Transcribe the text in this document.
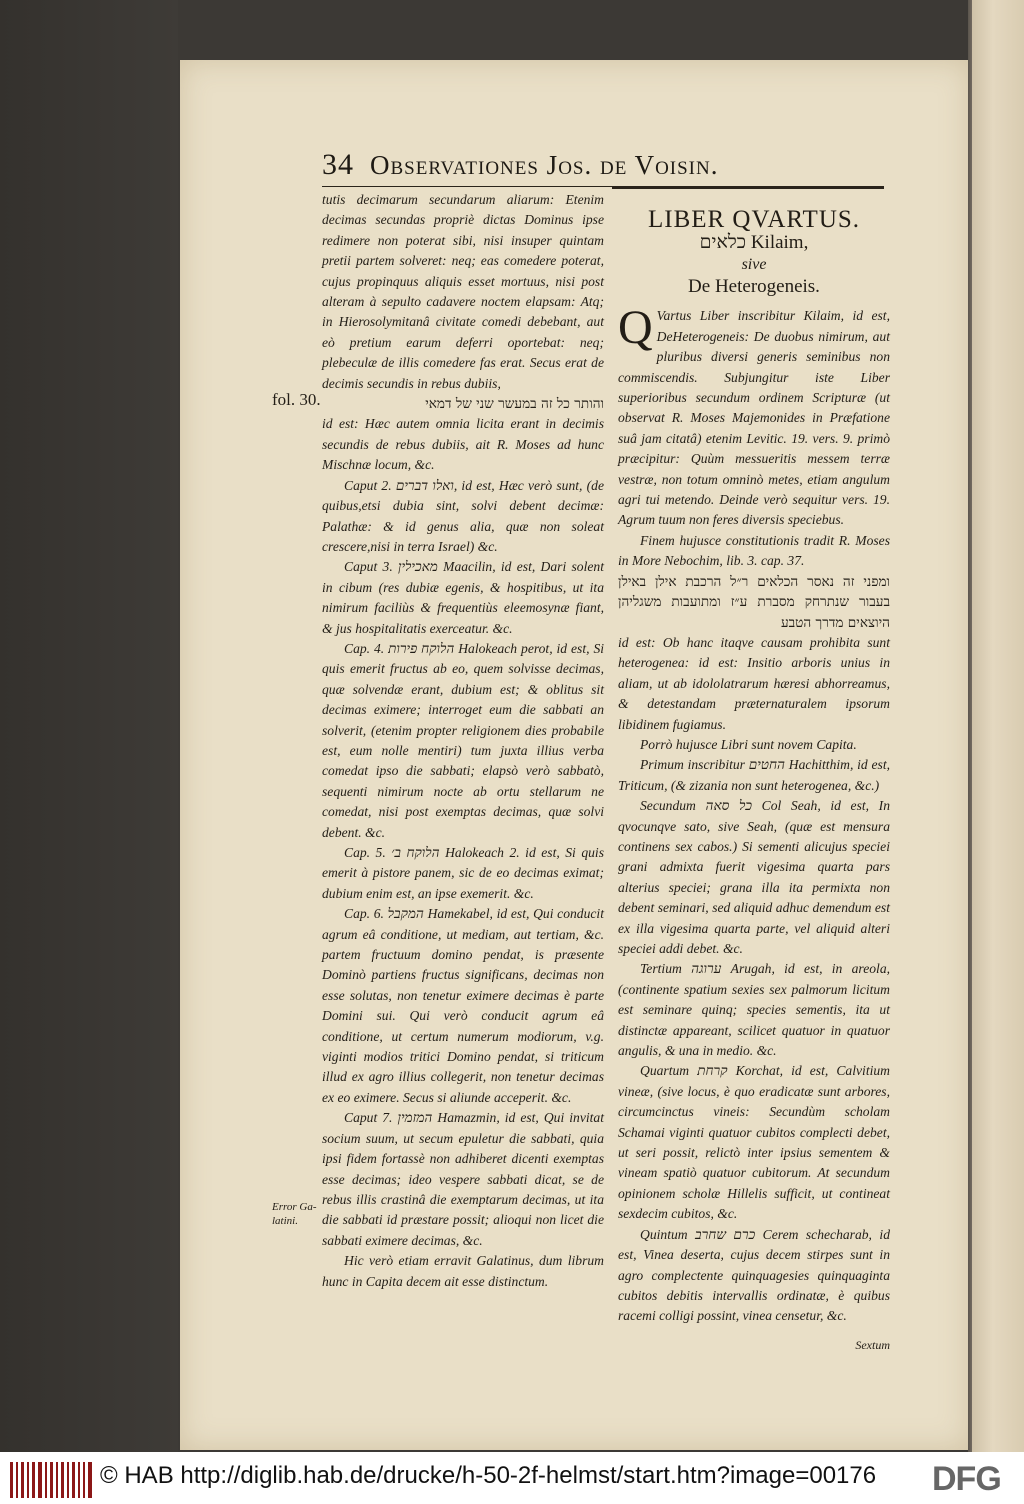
34 Observationes Jos. de Voisin.
fol. 30.
Error Ga-latini.

tutis decimarum secundarum aliarum: Etenim decimas secundas propriè dictas Dominus ipse redimere non poterat sibi, nisi insuper quintam pretii partem solveret: neq; eas comedere poterat, cujus propinquus aliquis esset mortuus, nisi post alteram à sepulto cadavere noctem elapsam: Atq; in Hierosolymitanâ civitate comedi debebant, aut eò pretium earum deferri oportebat: neq; plebeculæ de illis comedere fas erat. Secus erat de decimis secundis in rebus dubiis,

והותר כל זה במעשר שני של דמאי

id est: Hæc autem omnia licita erant in decimis secundis de rebus dubiis, ait R. Moses ad hunc Mischnæ locum, &c.

Caput 2. ואלו דברים, id est, Hæc verò sunt, (de quibus,etsi dubia sint, solvi debent decimæ: Palathæ: & id genus alia, quæ non soleat crescere,nisi in terra Israel) &c.

Caput 3. מאכילין Maacilin, id est, Dari solent in cibum (res dubiæ egenis, & hospitibus, ut ita nimirum faciliùs & frequentiùs eleemosynæ fiant, & jus hospitalitatis exerceatur. &c.

Cap. 4. הלוקח פירות Halokeach perot, id est, Si quis emerit fructus ab eo, quem solvisse decimas, quæ solvendæ erant, dubium est; & oblitus sit decimas eximere; interroget eum die sabbati an solverit, (etenim propter religionem dies probabile est, eum nolle mentiri) tum juxta illius verba comedat ipso die sabbati; elapsò verò sabbatò, sequenti nimirum nocte ab ortu stellarum ne comedat, nisi post exemptas decimas, quæ solvi debent. &c.

Cap. 5. הלוקח ב׳ Halokeach 2. id est, Si quis emerit à pistore panem, sic de eo decimas eximat; dubium enim est, an ipse exemerit. &c.

Cap. 6. המקבל Hamekabel, id est, Qui conducit agrum eâ conditione, ut mediam, aut tertiam, &c. partem fructuum domino pendat, is præsente Dominò partiens fructus significans, decimas non esse solutas, non tenetur eximere decimas è parte Domini sui. Qui verò conducit agrum eâ conditione, ut certum numerum modiorum, v.g. viginti modios tritici Domino pendat, si triticum illud ex agro illius collegerit, non tenetur decimas ex eo eximere. Secus si aliunde acceperit. &c.

Caput 7. המזמין Hamazmin, id est, Qui invitat socium suum, ut secum epuletur die sabbati, quia ipsi fidem fortassè non adhiberet dicenti exemptas esse decimas; ideo vespere sabbati dicat, se de rebus illis crastinâ die exemptarum decimas, ut ita die sabbati id præstare possit; alioqui non licet die sabbati eximere decimas, &c.

Hic verò etiam erravit Galatinus, dum librum hunc in Capita decem ait esse distinctum.

LIBER QVARTUS.
כלאים Kilaim,
sive
De Heterogeneis.

Q Vartus Liber inscribitur Kilaim, id est, DeHeterogeneis: De duobus nimirum, aut pluribus diversi generis seminibus non commiscendis. Subjungitur iste Liber superioribus secundum ordinem Scripturæ (ut observat R. Moses Majemonides in Præfatione suâ jam citatâ) etenim Levitic. 19. vers. 9. primò præcipitur: Quùm messueritis messem terræ vestræ, non totum omninò metes, etiam angulum agri tui metendo. Deinde verò sequitur vers. 19. Agrum tuum non feres diversis speciebus.

Finem hujusce constitutionis tradit R. Moses in More Nebochim, lib. 3. cap. 37.

ומפני זה נאסר הכלאים ר״ל הרכבת אילן באילן בעבור שנתרחק מסברת ע״ז ומתועבות משגליהן היוצאים מדרך הטבע

id est: Ob hanc itaqve causam prohibita sunt heterogenea: id est: Insitio arboris unius in aliam, ut ab idololatrarum hæresi abhorreamus, & detestandam præternaturalem ipsorum libidinem fugiamus.

Porrò hujusce Libri sunt novem Capita.

Primum inscribitur החטים Hachitthim, id est, Triticum, (& zizania non sunt heterogenea, &c.)

Secundum כל סאה Col Seah, id est, In qvocunqve sato, sive Seah, (quæ est mensura continens sex cabos.) Si sementi alicujus speciei grani admixta fuerit vigesima quarta pars alterius speciei; grana illa ita permixta non debent seminari, sed aliquid adhuc demendum est ex illa vigesima quarta parte, vel aliquid alteri speciei addi debet. &c.

Tertium ערוגה Arugah, id est, in areola, (continente spatium sexies sex palmorum licitum est seminare quinq; species sementis, ita ut distinctæ appareant, scilicet quatuor in quatuor angulis, & una in medio. &c.

Quartum קרחת Korchat, id est, Calvitium vineæ, (sive locus, è quo eradicatæ sunt arbores, circumcinctus vineis: Secundùm scholam Schamai viginti quatuor cubitos complecti debet, ut seri possit, relictò inter ipsius sementem & vineam spatiò quatuor cubitorum. At secundum opinionem scholæ Hillelis sufficit, ut contineat sexdecim cubitos, &c.

Quintum כרם שחרב Cerem schecharab, id est, Vinea deserta, cujus decem stirpes sunt in agro complectente quinquagesies quinquaginta cubitos debitis intervallis ordinatæ, è quibus racemi colligi possint, vinea censetur, &c.

Sextum
© HAB http://diglib.hab.de/drucke/h-50-2f-helmst/start.htm?image=00176 DFG
